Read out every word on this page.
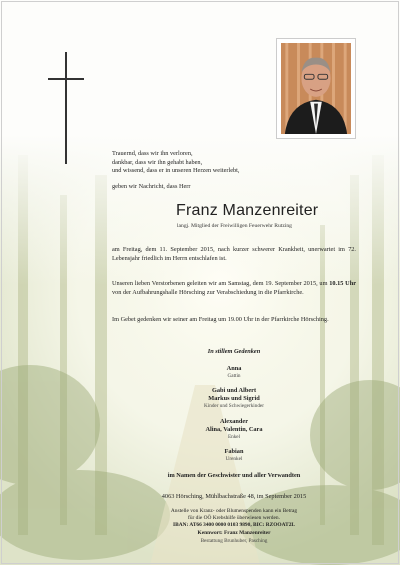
Trauernd, dass wir ihn verloren,
dankbar, dass wir ihn gehabt haben,
und wissend, dass er in unseren Herzen weiterlebt,
geben wir Nachricht, dass Herr
Franz Manzenreiter
langj. Mitglied der Freiwilligen Feuerwehr Rutzing
am Freitag, dem 11. September 2015, nach kurzer schwerer Krankheit, unerwartet im 72. Lebensjahr friedlich im Herrn entschlafen ist.
Unseren lieben Verstorbenen geleiten wir am Samstag, dem 19. September 2015, um 10.15 Uhr von der Aufbahrungshalle Hörsching zur Verabschiedung in die Pfarrkirche.
Im Gebet gedenken wir seiner am Freitag um 19.00 Uhr in der Pfarrkirche Hörsching.
In stillem Gedenken
Anna
Gattin
Gabi und Albert
Markus und Sigrid
Kinder und Schwiegerkinder
Alexander
Alina, Valentin, Cara
Enkel
Fabian
Urenkel
im Namen der Geschwister und aller Verwandten
4063 Hörsching, Mühlbachstraße 48, im September 2015
Anstelle von Kranz- oder Blumenspenden kann ein Betrag
für die OÖ Krebshilfe überwiesen werden.
IBAN: AT66 3400 0000 0103 9890, BIC: RZOOAT2L
Kennwort: Franz Manzenreiter
Bestattung Brunhuber, Pasching
